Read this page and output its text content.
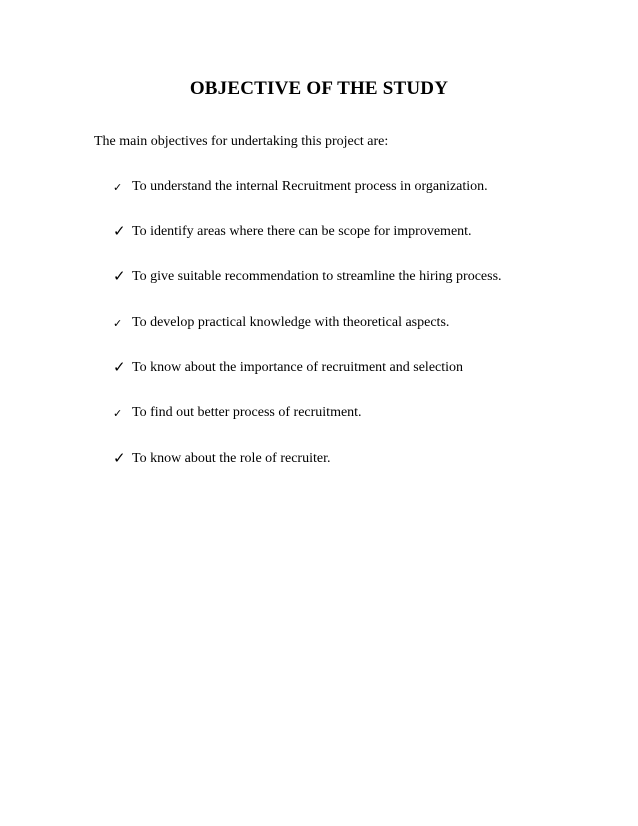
OBJECTIVE OF THE STUDY

The main objectives for undertaking this project are:

✓ To understand the internal Recruitment process in organization.
✓ To identify areas where there can be scope for improvement.
✓ To give suitable recommendation to streamline the hiring process.
✓ To develop practical knowledge with theoretical aspects.
✓ To know about the importance of recruitment and selection
✓ To find out better process of recruitment.
✓ To know about the role of recruiter.
